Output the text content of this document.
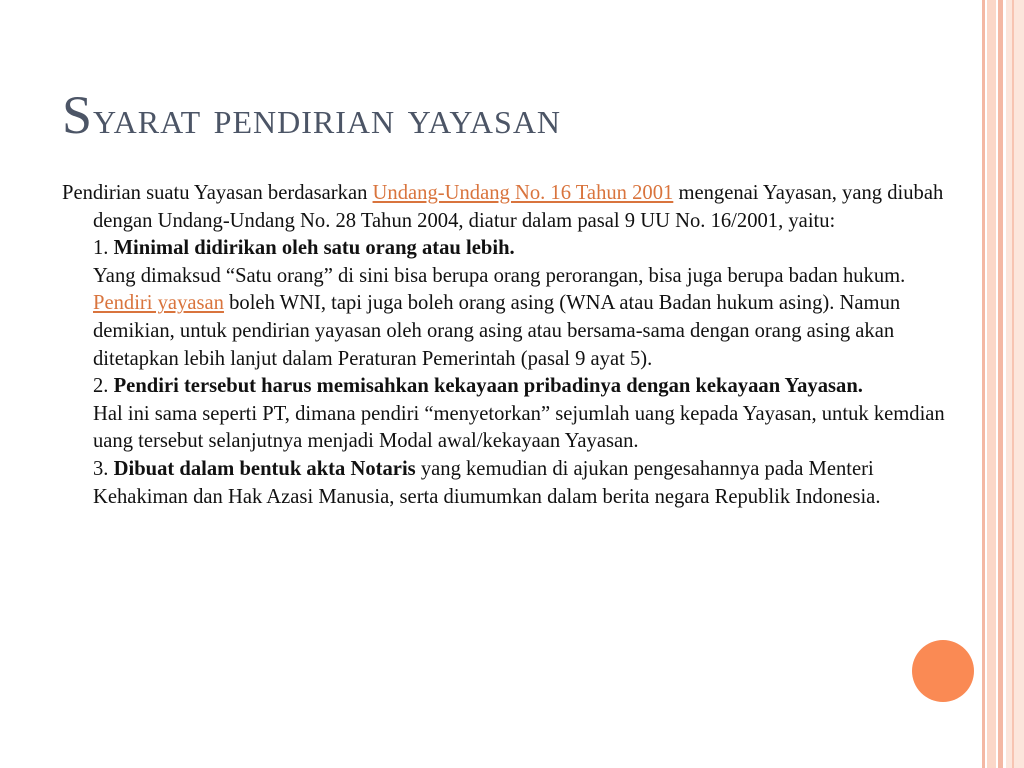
Syarat pendirian yayasan

Pendirian suatu Yayasan berdasarkan Undang-Undang No. 16 Tahun 2001 mengenai Yayasan, yang diubah dengan Undang-Undang No. 28 Tahun 2004, diatur dalam pasal 9 UU No. 16/2001, yaitu:

1. Minimal didirikan oleh satu orang atau lebih.

Yang dimaksud “Satu orang” di sini bisa berupa orang perorangan, bisa juga berupa badan hukum. Pendiri yayasan boleh WNI, tapi juga boleh orang asing (WNA atau Badan hukum asing). Namun demikian, untuk pendirian yayasan oleh orang asing atau bersama-sama dengan orang asing akan ditetapkan lebih lanjut dalam Peraturan Pemerintah (pasal 9 ayat 5).

2. Pendiri tersebut harus memisahkan kekayaan pribadinya dengan kekayaan Yayasan.

Hal ini sama seperti PT, dimana pendiri “menyetorkan” sejumlah uang kepada Yayasan, untuk kemdian uang tersebut selanjutnya menjadi Modal awal/kekayaan Yayasan.

3. Dibuat dalam bentuk akta Notaris yang kemudian di ajukan pengesahannya pada Menteri Kehakiman dan Hak Azasi Manusia, serta diumumkan dalam berita negara Republik Indonesia.
